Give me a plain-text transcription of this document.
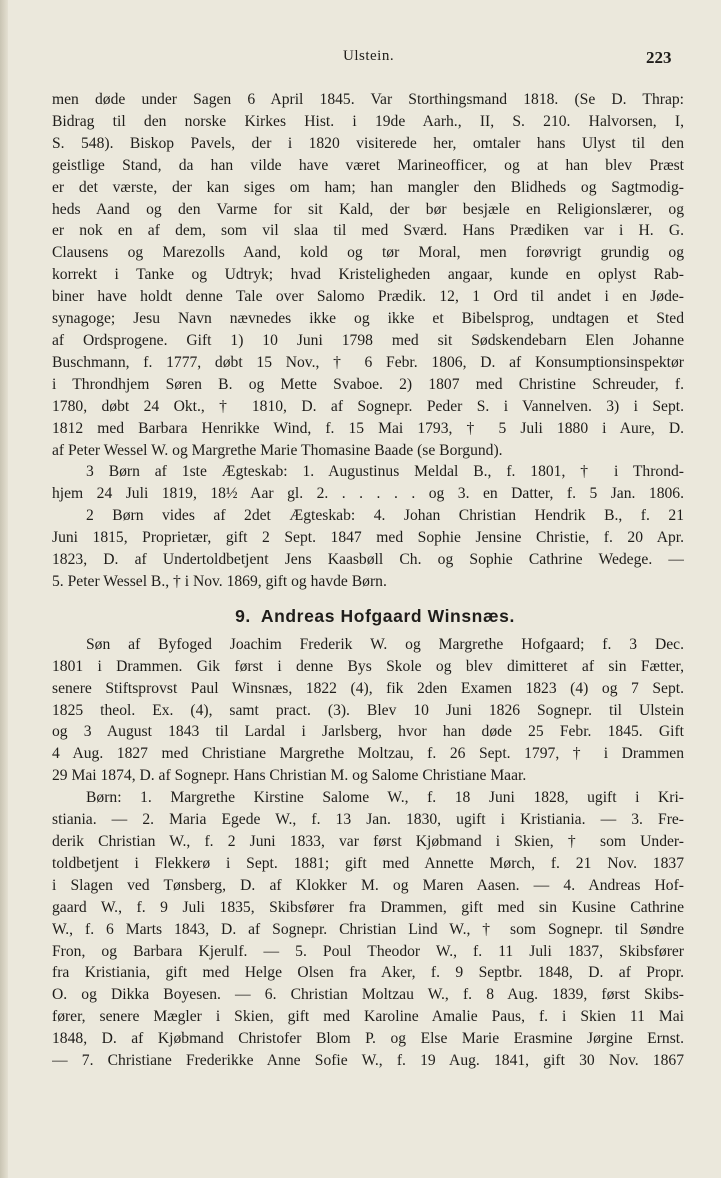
Ulstein.	223
men døde under Sagen 6 April 1845. Var Storthingsmand 1818. (Se D. Thrap:
Bidrag til den norske Kirkes Hist. i 19de Aarh., II, S. 210. Halvorsen, I,
S. 548). Biskop Pavels, der i 1820 visiterede her, omtaler hans Ulyst til den
geistlige Stand, da han vilde have været Marineofficer, og at han blev Præst
er det værste, der kan siges om ham; han mangler den Blidheds og Sagtmodig-
heds Aand og den Varme for sit Kald, der bør besjæle en Religionslærer, og
er nok en af dem, som vil slaa til med Sværd. Hans Prædiken var i H. G.
Clausens og Marezolls Aand, kold og tør Moral, men forøvrigt grundig og
korrekt i Tanke og Udtryk; hvad Kristeligheden angaar, kunde en oplyst Rab-
biner have holdt denne Tale over Salomo Prædik. 12, 1 Ord til andet i en Jøde-
synagoge; Jesu Navn nævnedes ikke og ikke et Bibelsprog, undtagen et Sted
af Ordsprogene. Gift 1) 10 Juni 1798 med sit Sødskendebarn Elen Johanne
Buschmann, f. 1777, døbt 15 Nov., † 6 Febr. 1806, D. af Konsumptionsinspektør
i Throndhjem Søren B. og Mette Svaboe. 2) 1807 med Christine Schreuder, f.
1780, døbt 24 Okt., † 1810, D. af Sognepr. Peder S. i Vannelven. 3) i Sept.
1812 med Barbara Henrikke Wind, f. 15 Mai 1793, † 5 Juli 1880 i Aure, D.
af Peter Wessel W. og Margrethe Marie Thomasine Baade (se Borgund).
3 Børn af 1ste Ægteskab: 1. Augustinus Meldal B., f. 1801, † i Thrond-
hjem 24 Juli 1819, 18½ Aar gl. 2. . . . . . og 3. en Datter, f. 5 Jan. 1806.
2 Børn vides af 2det Ægteskab: 4. Johan Christian Hendrik B., f. 21
Juni 1815, Proprietær, gift 2 Sept. 1847 med Sophie Jensine Christie, f. 20 Apr.
1823, D. af Undertoldbetjent Jens Kaasbøll Ch. og Sophie Cathrine Wedege. —
5. Peter Wessel B., † i Nov. 1869, gift og havde Børn.
9. Andreas Hofgaard Winsnæs.
Søn af Byfoged Joachim Frederik W. og Margrethe Hofgaard; f. 3 Dec.
1801 i Drammen. Gik først i denne Bys Skole og blev dimitteret af sin Fætter,
senere Stiftsprovst Paul Winsnæs, 1822 (4), fik 2den Examen 1823 (4) og 7 Sept.
1825 theol. Ex. (4), samt pract. (3). Blev 10 Juni 1826 Sognepr. til Ulstein
og 3 August 1843 til Lardal i Jarlsberg, hvor han døde 25 Febr. 1845. Gift
4 Aug. 1827 med Christiane Margrethe Moltzau, f. 26 Sept. 1797, † i Drammen
29 Mai 1874, D. af Sognepr. Hans Christian M. og Salome Christiane Maar.
Børn: 1. Margrethe Kirstine Salome W., f. 18 Juni 1828, ugift i Kri-
stiania. — 2. Maria Egede W., f. 13 Jan. 1830, ugift i Kristiania. — 3. Fre-
derik Christian W., f. 2 Juni 1833, var først Kjøbmand i Skien, † som Under-
toldbetjent i Flekkerø i Sept. 1881; gift med Annette Mørch, f. 21 Nov. 1837
i Slagen ved Tønsberg, D. af Klokker M. og Maren Aasen. — 4. Andreas Hof-
gaard W., f. 9 Juli 1835, Skibsfører fra Drammen, gift med sin Kusine Cathrine
W., f. 6 Marts 1843, D. af Sognepr. Christian Lind W., † som Sognepr. til Søndre
Fron, og Barbara Kjerulf. — 5. Poul Theodor W., f. 11 Juli 1837, Skibsfører
fra Kristiania, gift med Helge Olsen fra Aker, f. 9 Septbr. 1848, D. af Propr.
O. og Dikka Boyesen. — 6. Christian Moltzau W., f. 8 Aug. 1839, først Skibs-
fører, senere Mægler i Skien, gift med Karoline Amalie Paus, f. i Skien 11 Mai
1848, D. af Kjøbmand Christofer Blom P. og Else Marie Erasmine Jørgine Ernst.
— 7. Christiane Frederikke Anne Sofie W., f. 19 Aug. 1841, gift 30 Nov. 1867
